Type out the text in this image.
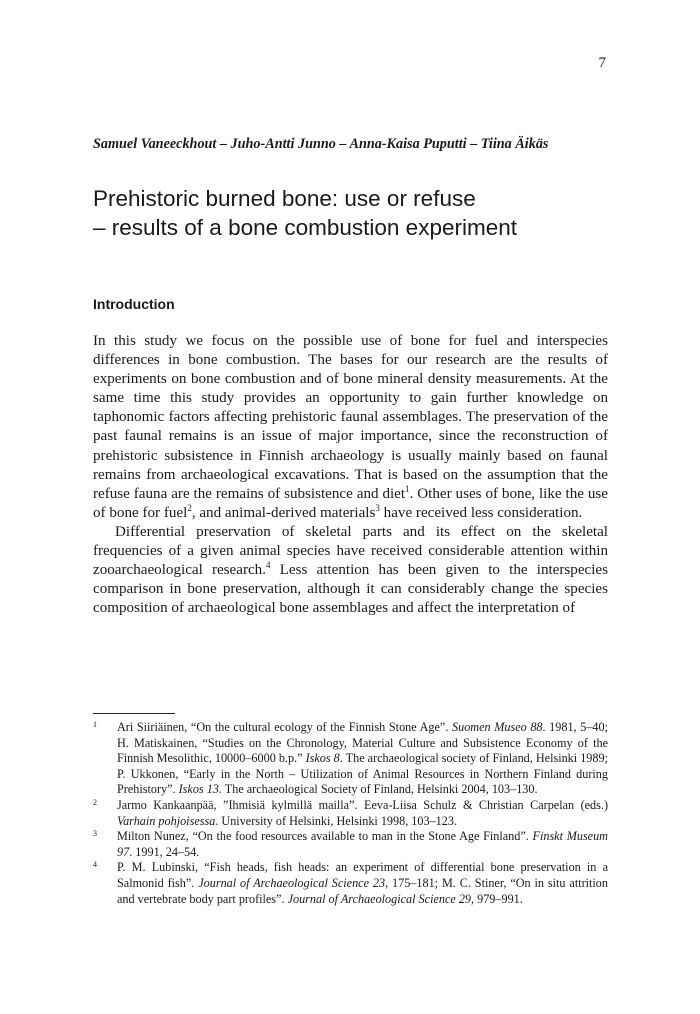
7
Samuel Vaneeckhout – Juho-Antti Junno – Anna-Kaisa Puputti – Tiina Äikäs
Prehistoric burned bone: use or refuse
– results of a bone combustion experiment
Introduction

In this study we focus on the possible use of bone for fuel and interspecies differences in bone combustion. The bases for our research are the results of experiments on bone combustion and of bone mineral density measurements. At the same time this study provides an opportunity to gain further knowledge on taphonomic factors affecting prehistoric faunal assemblages. The preservation of the past faunal remains is an issue of major importance, since the reconstruction of prehistoric subsistence in Finnish archaeology is usually mainly based on faunal remains from archaeological excavations. That is based on the assumption that the refuse fauna are the remains of subsistence and diet$^1$. Other uses of bone, like the use of bone for fuel$^2$, and animal-derived materials$^3$ have received less consideration.

Differential preservation of skeletal parts and its effect on the skeletal frequencies of a given animal species have received considerable attention within zooarchaeological research.$^4$ Less attention has been given to the interspecies comparison in bone preservation, although it can considerably change the species composition of archaeological bone assemblages and affect the interpretation of

1 Ari Siiriäinen, “On the cultural ecology of the Finnish Stone Age”. Suomen Museo 88. 1981, 5–40; H. Matiskainen, “Studies on the Chronology, Material Culture and Subsistence Economy of the Finnish Mesolithic, 10000–6000 b.p.” Iskos 8. The archaeological society of Finland, Helsinki 1989; P. Ukkonen, “Early in the North – Utilization of Animal Resources in Northern Finland during Prehistory”. Iskos 13. The archaeological Society of Finland, Helsinki 2004, 103–130.
2 Jarmo Kankaanpää, ”Ihmisiä kylmillä mailla”. Eeva-Liisa Schulz & Christian Carpelan (eds.) Varhain pohjoisessa. University of Helsinki, Helsinki 1998, 103–123.
3 Milton Nunez, “On the food resources available to man in the Stone Age Finland”. Finskt Museum 97. 1991, 24–54.
4 P. M. Lubinski, “Fish heads, fish heads: an experiment of differential bone preservation in a Salmonid fish”. Journal of Archaeological Science 23, 175–181; M. C. Stiner, “On in situ attrition and vertebrate body part profiles”. Journal of Archaeological Science 29, 979–991.
